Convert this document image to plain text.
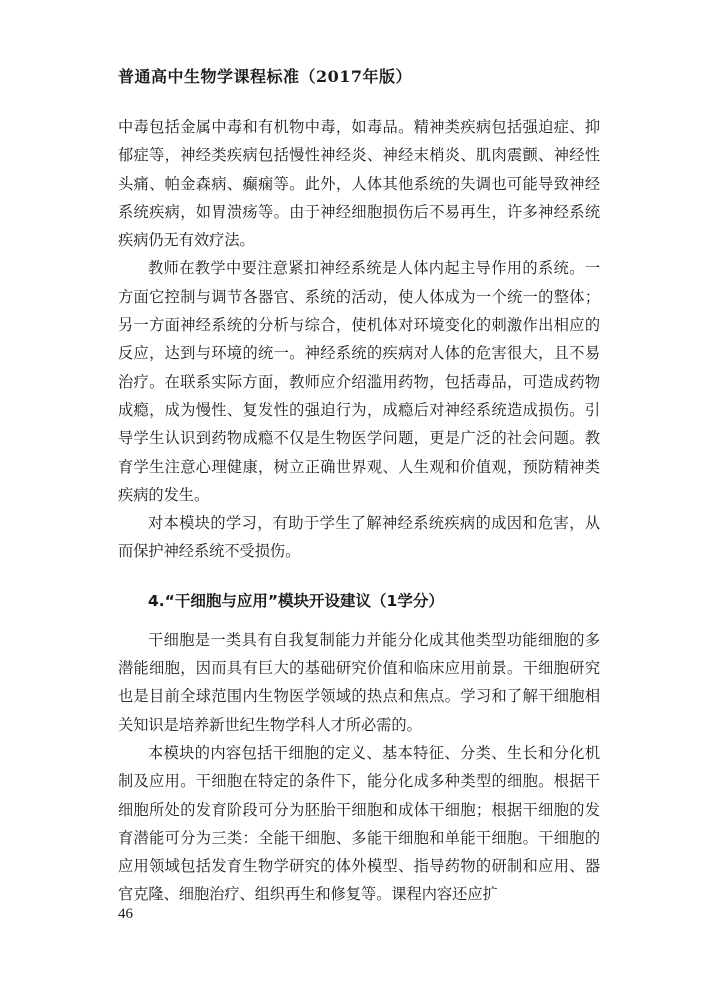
普通高中生物学课程标准（2017年版）

中毒包括金属中毒和有机物中毒，如毒品。精神类疾病包括强迫症、抑郁症等，神经类疾病包括慢性神经炎、神经末梢炎、肌肉震颤、神经性头痛、帕金森病、癫痫等。此外，人体其他系统的失调也可能导致神经系统疾病，如胃溃疡等。由于神经细胞损伤后不易再生，许多神经系统疾病仍无有效疗法。

教师在教学中要注意紧扣神经系统是人体内起主导作用的系统。一方面它控制与调节各器官、系统的活动，使人体成为一个统一的整体；另一方面神经系统的分析与综合，使机体对环境变化的刺激作出相应的反应，达到与环境的统一。神经系统的疾病对人体的危害很大，且不易治疗。在联系实际方面，教师应介绍滥用药物，包括毒品，可造成药物成瘾，成为慢性、复发性的强迫行为，成瘾后对神经系统造成损伤。引导学生认识到药物成瘾不仅是生物医学问题，更是广泛的社会问题。教育学生注意心理健康，树立正确世界观、人生观和价值观，预防精神类疾病的发生。

对本模块的学习，有助于学生了解神经系统疾病的成因和危害，从而保护神经系统不受损伤。

4.“干细胞与应用”模块开设建议（1学分）

干细胞是一类具有自我复制能力并能分化成其他类型功能细胞的多潜能细胞，因而具有巨大的基础研究价值和临床应用前景。干细胞研究也是目前全球范围内生物医学领域的热点和焦点。学习和了解干细胞相关知识是培养新世纪生物学科人才所必需的。

本模块的内容包括干细胞的定义、基本特征、分类、生长和分化机制及应用。干细胞在特定的条件下，能分化成多种类型的细胞。根据干细胞所处的发育阶段可分为胚胎干细胞和成体干细胞；根据干细胞的发育潜能可分为三类：全能干细胞、多能干细胞和单能干细胞。干细胞的应用领域包括发育生物学研究的体外模型、指导药物的研制和应用、器官克隆、细胞治疗、组织再生和修复等。课程内容还应扩

46
